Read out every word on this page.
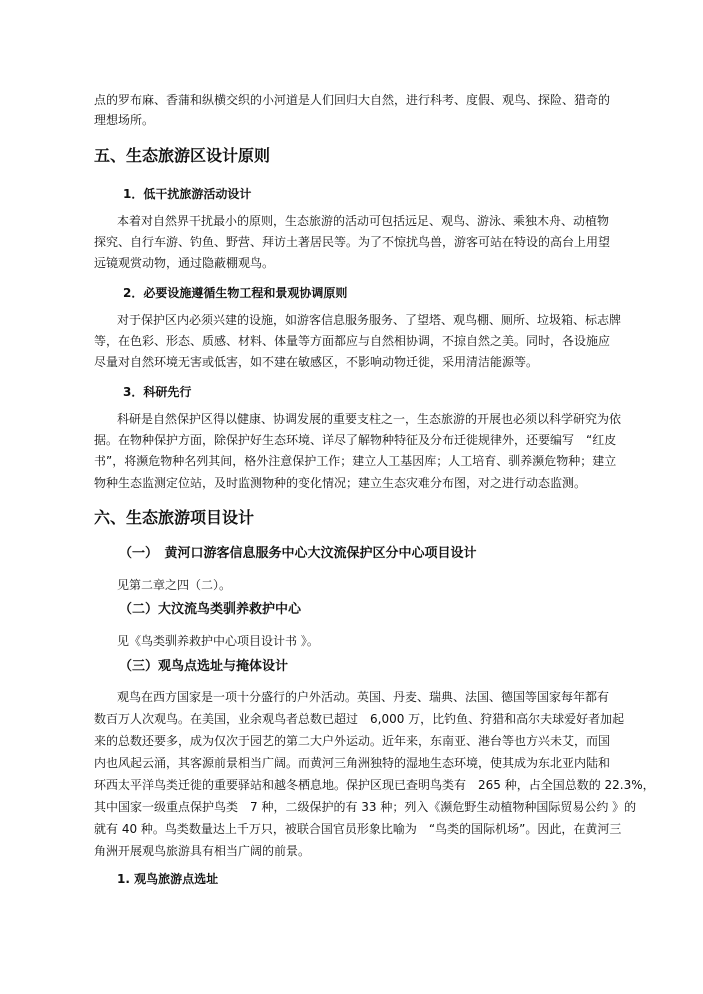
点的罗布麻、香蒲和纵横交织的小河道是人们回归大自然，进行科考、度假、观鸟、探险、猎奇的
理想场所。
五、生态旅游区设计原则
1．低干扰旅游活动设计
本着对自然界干扰最小的原则，生态旅游的活动可包括远足、观鸟、游泳、乘独木舟、动植物
探究、自行车游、钓鱼、野营、拜访土著居民等。为了不惊扰鸟兽，游客可站在特设的高台上用望
远镜观赏动物，通过隐蔽棚观鸟。
2．必要设施遵循生物工程和景观协调原则
对于保护区内必须兴建的设施，如游客信息服务服务、了望塔、观鸟棚、厕所、垃圾箱、标志牌
等，在色彩、形态、质感、材料、体量等方面都应与自然相协调，不掠自然之美。同时，各设施应
尽量对自然环境无害或低害，如不建在敏感区，不影响动物迁徙，采用清洁能源等。
3．科研先行
科研是自然保护区得以健康、协调发展的重要支柱之一，生态旅游的开展也必须以科学研究为依
据。在物种保护方面，除保护好生态环境、详尽了解物种特征及分布迁徙规律外，还要编写　“红皮
书”，将濒危物种名列其间，格外注意保护工作；建立人工基因库；人工培育、驯养濒危物种；建立
物种生态监测定位站，及时监测物种的变化情况；建立生态灾难分布图，对之进行动态监测。
六、生态旅游项目设计
（一）　黄河口游客信息服务中心大汶流保护区分中心项目设计
见第二章之四（二）。
（二）大汶流鸟类驯养救护中心
见《鸟类驯养救护中心项目设计书 》。
（三）观鸟点选址与掩体设计
观鸟在西方国家是一项十分盛行的户外活动。英国、丹麦、瑞典、法国、德国等国家每年都有
数百万人次观鸟。在美国，业余观鸟者总数已超过　6,000 万，比钓鱼、狩猎和高尔夫球爱好者加起
来的总数还要多，成为仅次于园艺的第二大户外运动。近年来，东南亚、港台等也方兴未艾，而国
内也风起云涌，其客源前景相当广阔。而黄河三角洲独特的湿地生态环境，使其成为东北亚内陆和
环西太平洋鸟类迁徙的重要驿站和越冬栖息地。保护区现已查明鸟类有　265 种，占全国总数的 22.3%，
其中国家一级重点保护鸟类　7 种，二级保护的有 33 种；列入《濒危野生动植物种国际贸易公约 》的
就有 40 种。鸟类数量达上千万只，被联合国官员形象比喻为　“鸟类的国际机场”。因此，在黄河三
角洲开展观鸟旅游具有相当广阔的前景。
1. 观鸟旅游点选址
